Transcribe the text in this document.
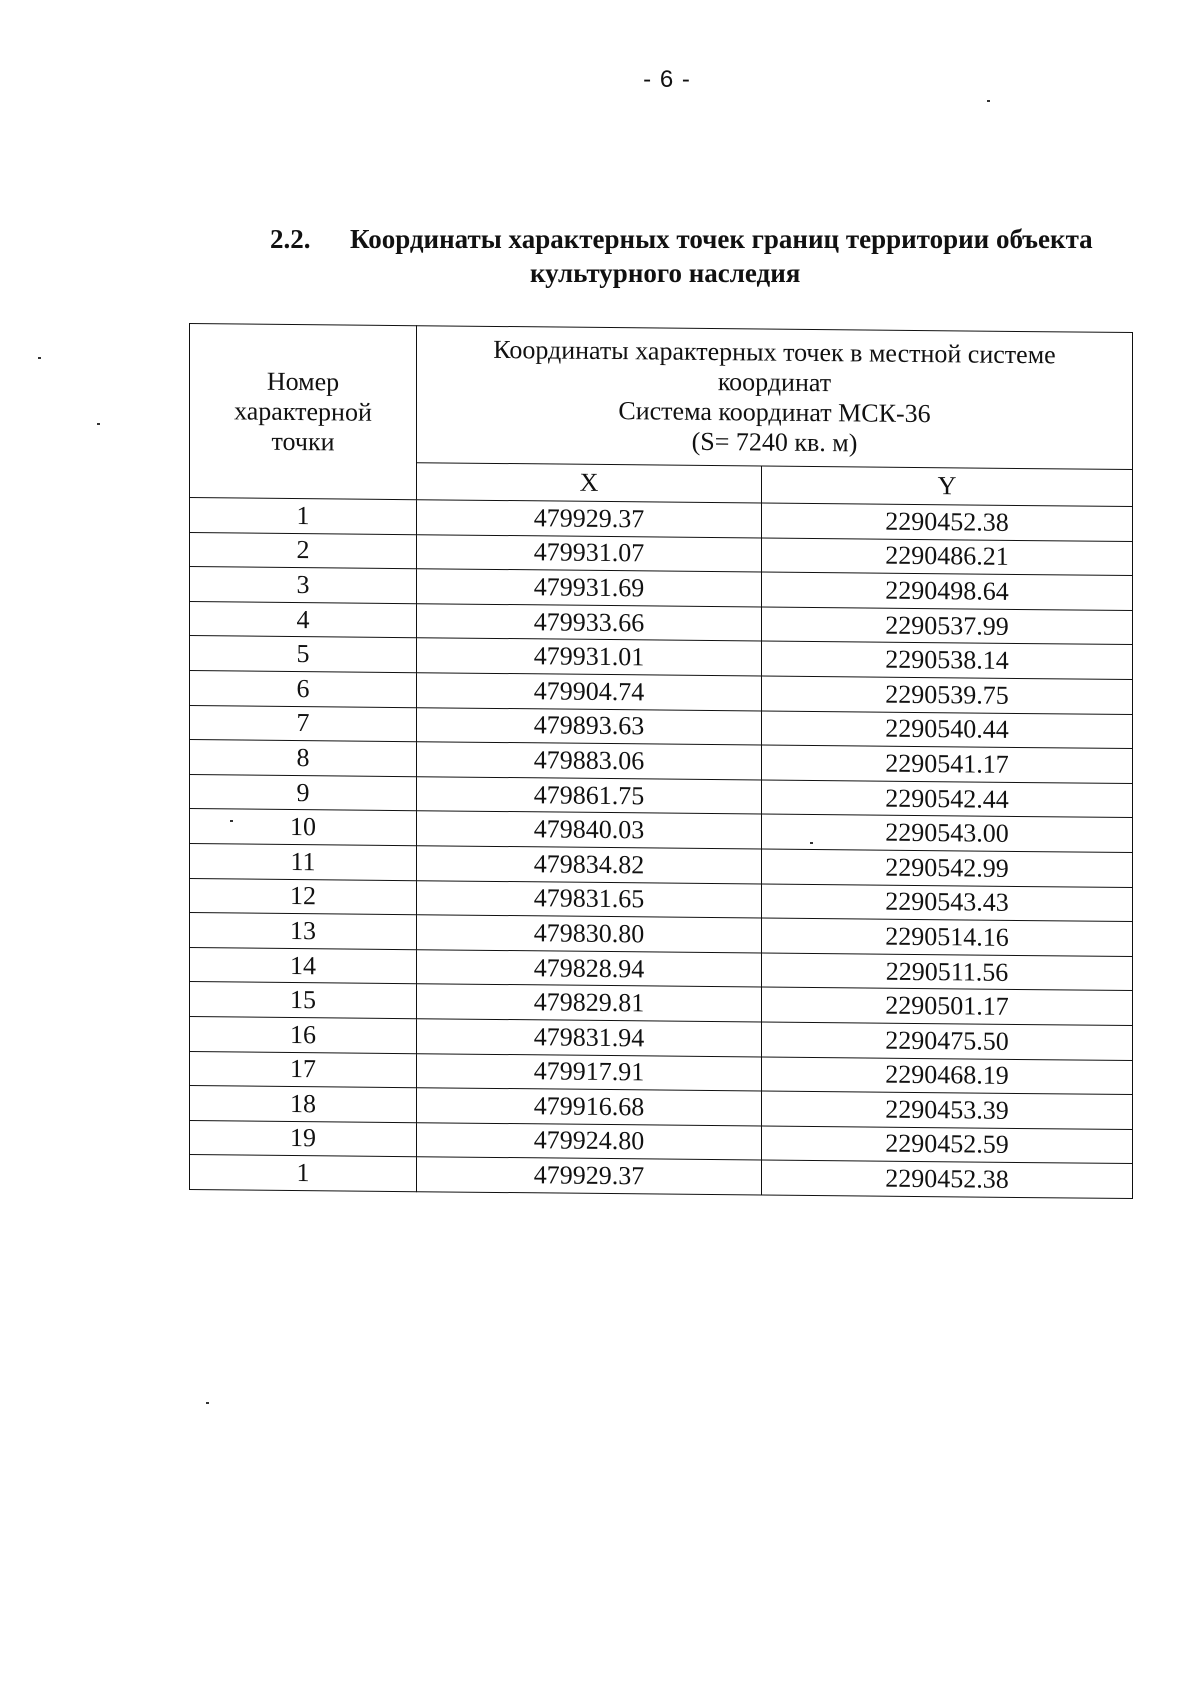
- 6 -
2.2. Координаты характерных точек границ территории объекта
культурного наследия
Номер
характерной
точки	Координаты характерных точек в местной системе
координат
Система координат МСК-36
(S= 7240 кв. м)	
	X	Y
1	479929.37	2290452.38
2	479931.07	2290486.21
3	479931.69	2290498.64
4	479933.66	2290537.99
5	479931.01	2290538.14
6	479904.74	2290539.75
7	479893.63	2290540.44
8	479883.06	2290541.17
9	479861.75	2290542.44
10	479840.03	2290543.00
11	479834.82	2290542.99
12	479831.65	2290543.43
13	479830.80	2290514.16
14	479828.94	2290511.56
15	479829.81	2290501.17
16	479831.94	2290475.50
17	479917.91	2290468.19
18	479916.68	2290453.39
19	479924.80	2290452.59
1	479929.37	2290452.38
